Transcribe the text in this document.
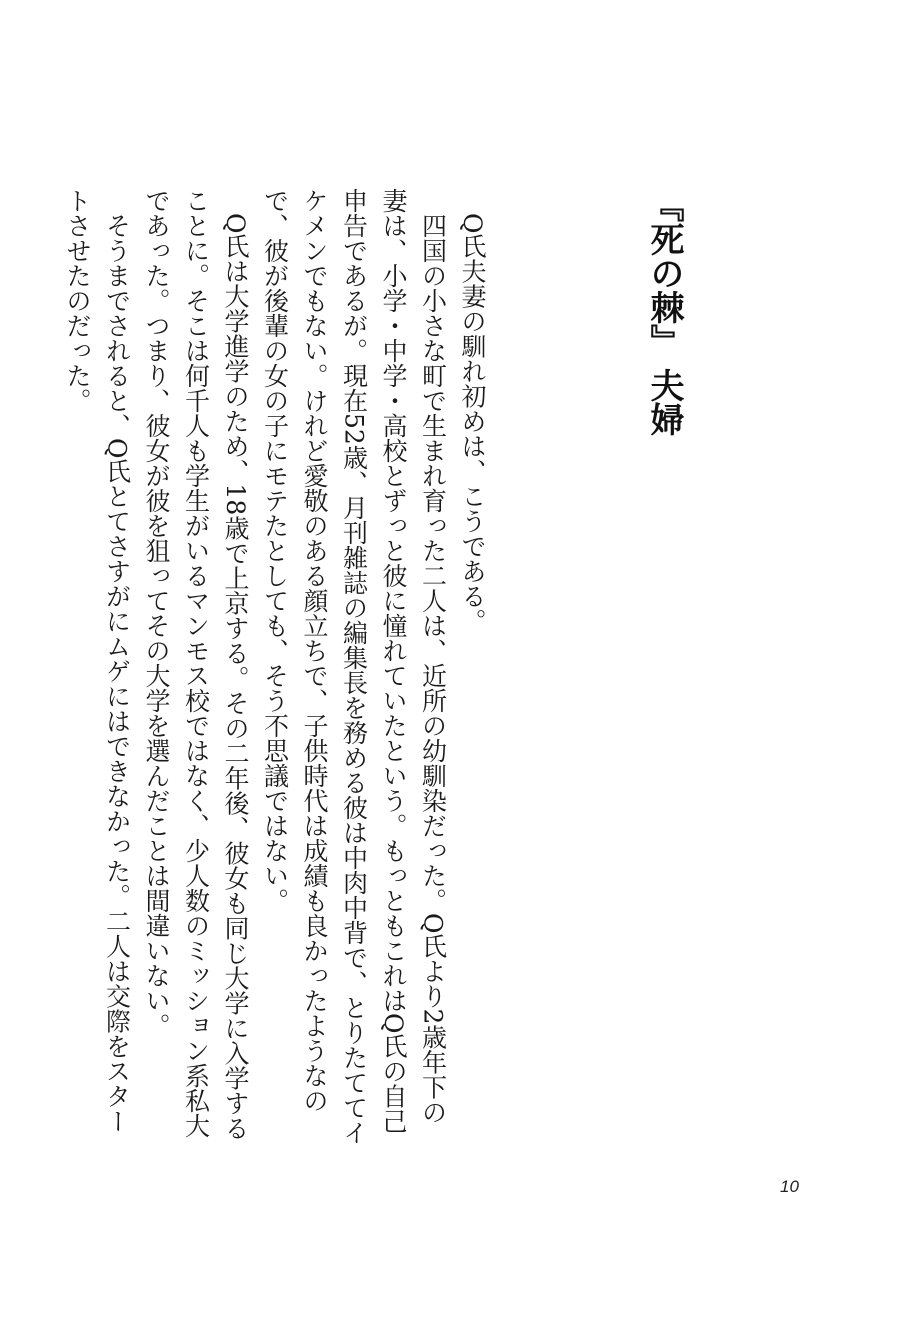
『死の棘』夫婦

Q氏夫妻の馴れ初めは、こうである。

四国の小さな町で生まれ育った二人は、近所の幼馴染だった。Q氏より2歳年下の妻は、小学・中学・高校とずっと彼に憧れていたという。もっともこれはQ氏の自己申告であるが。現在52歳、月刊雑誌の編集長を務める彼は中肉中背で、とりたててイケメンでもない。けれど愛敬のある顔立ちで、子供時代は成績も良かったようなので、彼が後輩の女の子にモテたとしても、そう不思議ではない。

Q氏は大学進学のため、18歳で上京する。その二年後、彼女も同じ大学に入学することに。そこは何千人も学生がいるマンモス校ではなく、少人数のミッション系私大であった。つまり、彼女が彼を狙ってその大学を選んだことは間違いない。

そうまでされると、Q氏とてさすがにムゲにはできなかった。二人は交際をスタートさせたのだった。

10
